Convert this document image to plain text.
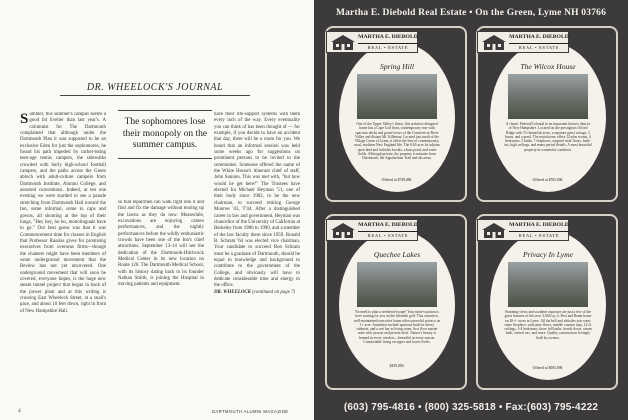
DR. WHEELOCK'S JOURNAL
Summer, this summer's campus seems a good bit livelier than last year's. A columnist for The Dartmouth complained that although under the Dartmouth Plan it was supposed to be an exclusive Eden for just the sophomores, he found his path impeded by racket-toting teen-age tennis campers, the sidewalks crowded with burly high-school football campers, and the paths across the Green abloch with adult-culture campers from Dartmouth Institute, Alumni College, and assorted conventions. Indeed, at ten one evening we were startled to see a parade stretching from Dartmouth Hall toward the Inn, some informal, some in caps and gowns, all shouting at the top of their lungs, "Hey hey, ho ho, monolinguals have to go." Our best guess was that it was Commencement time for classes in English that Professor Rassias gives for promising executives from overseas firms—though the chanters might have been members of some underground movement that the Review has not yet uncovered. One underground movement that will soon be covered, everyone hopes, is the huge new steam tunnel project that began in back of the power plant and at this writing is crossing East Wheelock Street, at a snail's pace, and about 10 feet down, right in front of New Hampshire Hall.
The sophomores lose their monopoly on the summer campus.
so that repairmen can walk right into it and find and fix the damage without tearing up the lawns as they do now. Meanwhile, excavations are enjoying cameo performances, and the nightly performances before the wildly enthusiastic crowds have been one of the Inn's chief attractions. September 13-14 will see the dedication of the Dartmouth-Hitchcock Medical Center in its new location on Route 120. The Dartmouth Medical School, with its history dating back to its founder Nathan Smith, is joining the Hospital in moving patients and equipment.
have their life-support systems with them every inch of the way. Every eventuality you can think of has been thought of — for example, if you decide to have an accident that day, there will be a room for you. We heard that an informal session was held some weeks ago for suggestions on prominent persons to be invited to the ceremonies. Someone offered the name of the White House's itinerant chief of staff, John Sununu. This was met with, "but how would he get here?" The Trustees have elected Ira Michael Heyman '51, one of their body since 1982, to be the new chairman, to succeed retiring George Munroe '43, T'44. After a distinguished career in law and government, Heyman was chancellor of the University of California at Berkeley from 1980 to 1990, and a member of the law faculty there since 1959. Ronald B. Schram '64 was elected vice chairman. Your candidate to succeed Ron Schram must be a graduate of Dartmouth, should be equal to knowledge and background to contribute to the government of the College, and obviously will have to dedicate considerable time and energy to the office.
DR. WHEELOCK (continued on page 7)
4	DARTMOUTH ALUMNI MAGAZINE
Martha E. Diebold Real Estate • On the Green, Lyme NH 03766
Spring Hill
One of the Upper Valley's finest, this architect-designed home has a Cape Cod front, contemporary rear with spacious decks and grand views of the Connecticut River Valley and distant Mt. Kilkenny. Located just north of the Village Green of Lyme, it offers the best of contemporary, rural, northern New England life. The 8.63-acre lot adjoins open land and includes brooks, a bass pond, and some fields. Although private, the property is minutes from Dartmouth, the Appalachian Trail and ski areas.
Offered at $749,000.
MARTHA E. DIEBOLD
REAL • ESTATE
The Wilcox House
A classic Federal/Colonial in an important historic district of New Hampshire. Located on the prestigious Orford Ridge with 5½ beautiful acres, a separate guest cottage, 2 barns, and a pond. The main house offers 12-plus rooms, 4 bedrooms, 5 baths, 7 fireplaces, original wide floors, built-ins, high ceilings, and many period details. A most beautiful property in wonderful condition.
Offered at $765,000.
MARTHA E. DIEBOLD
REAL • ESTATE
Quechee Lakes
No need to plan a weekend escape! Your mini-vacation is here waiting for you on the fifteenth golf. This attractive, well-maintained executive home offers peaceful privacy on 1+ acre. Amenities include spacious built-in cherry cabinets, and a wet bar in living room, first floor master suite with jacuzzi and private deck. Nature's beauty is framed in every window—beautiful in every season. Comfortable living on upper and lower levels.
$439,000.
MARTHA E. DIEBOLD
REAL • ESTATE
Privacy In Lyme
Stunning views and southern exposure are just a few of the great features of this new 2,600 sq. ft. Post and Beam home on 20+/- acres in Lyme. All the bell and whistles you want: stone fireplace, wide pine floors, marble counter tops, 12-ft. ceilings, 3-4 bedrooms, three full baths, french doors, steam bath, central vac, and more. Quality construction lovingly built by owners.
Offered at $585,000.
MARTHA E. DIEBOLD
REAL • ESTATE
(603) 795-4816 • (800) 325-5818 • Fax:(603) 795-4222
